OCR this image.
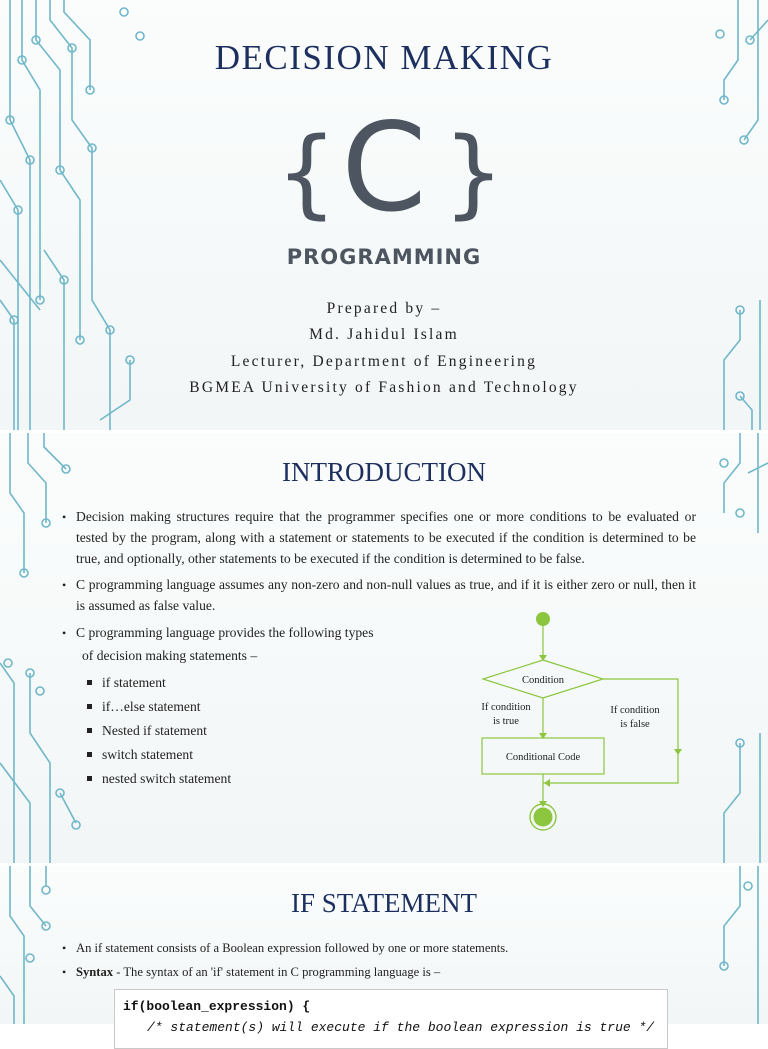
DECISION MAKING
{ }
C
PROGRAMMING
Prepared by –
Md. Jahidul Islam
Lecturer, Department of Engineering
BGMEA University of Fashion and Technology
INTRODUCTION
• Decision making structures require that the programmer specifies one or more conditions to be evaluated or tested by the program, along with a statement or statements to be executed if the condition is determined to be true, and optionally, other statements to be executed if the condition is determined to be false.
• C programming language assumes any non-zero and non-null values as true, and if it is either zero or null, then it is assumed as false value.
• C programming language provides the following types
of decision making statements –
if statement
if…else statement
Nested if statement
switch statement
nested switch statement
Condition
If condition
is true
If condition
is false
Conditional Code
IF STATEMENT
• An if statement consists of a Boolean expression followed by one or more statements.
• Syntax - The syntax of an 'if' statement in C programming language is –
if(boolean_expression) {
/* statement(s) will execute if the boolean expression is true */
